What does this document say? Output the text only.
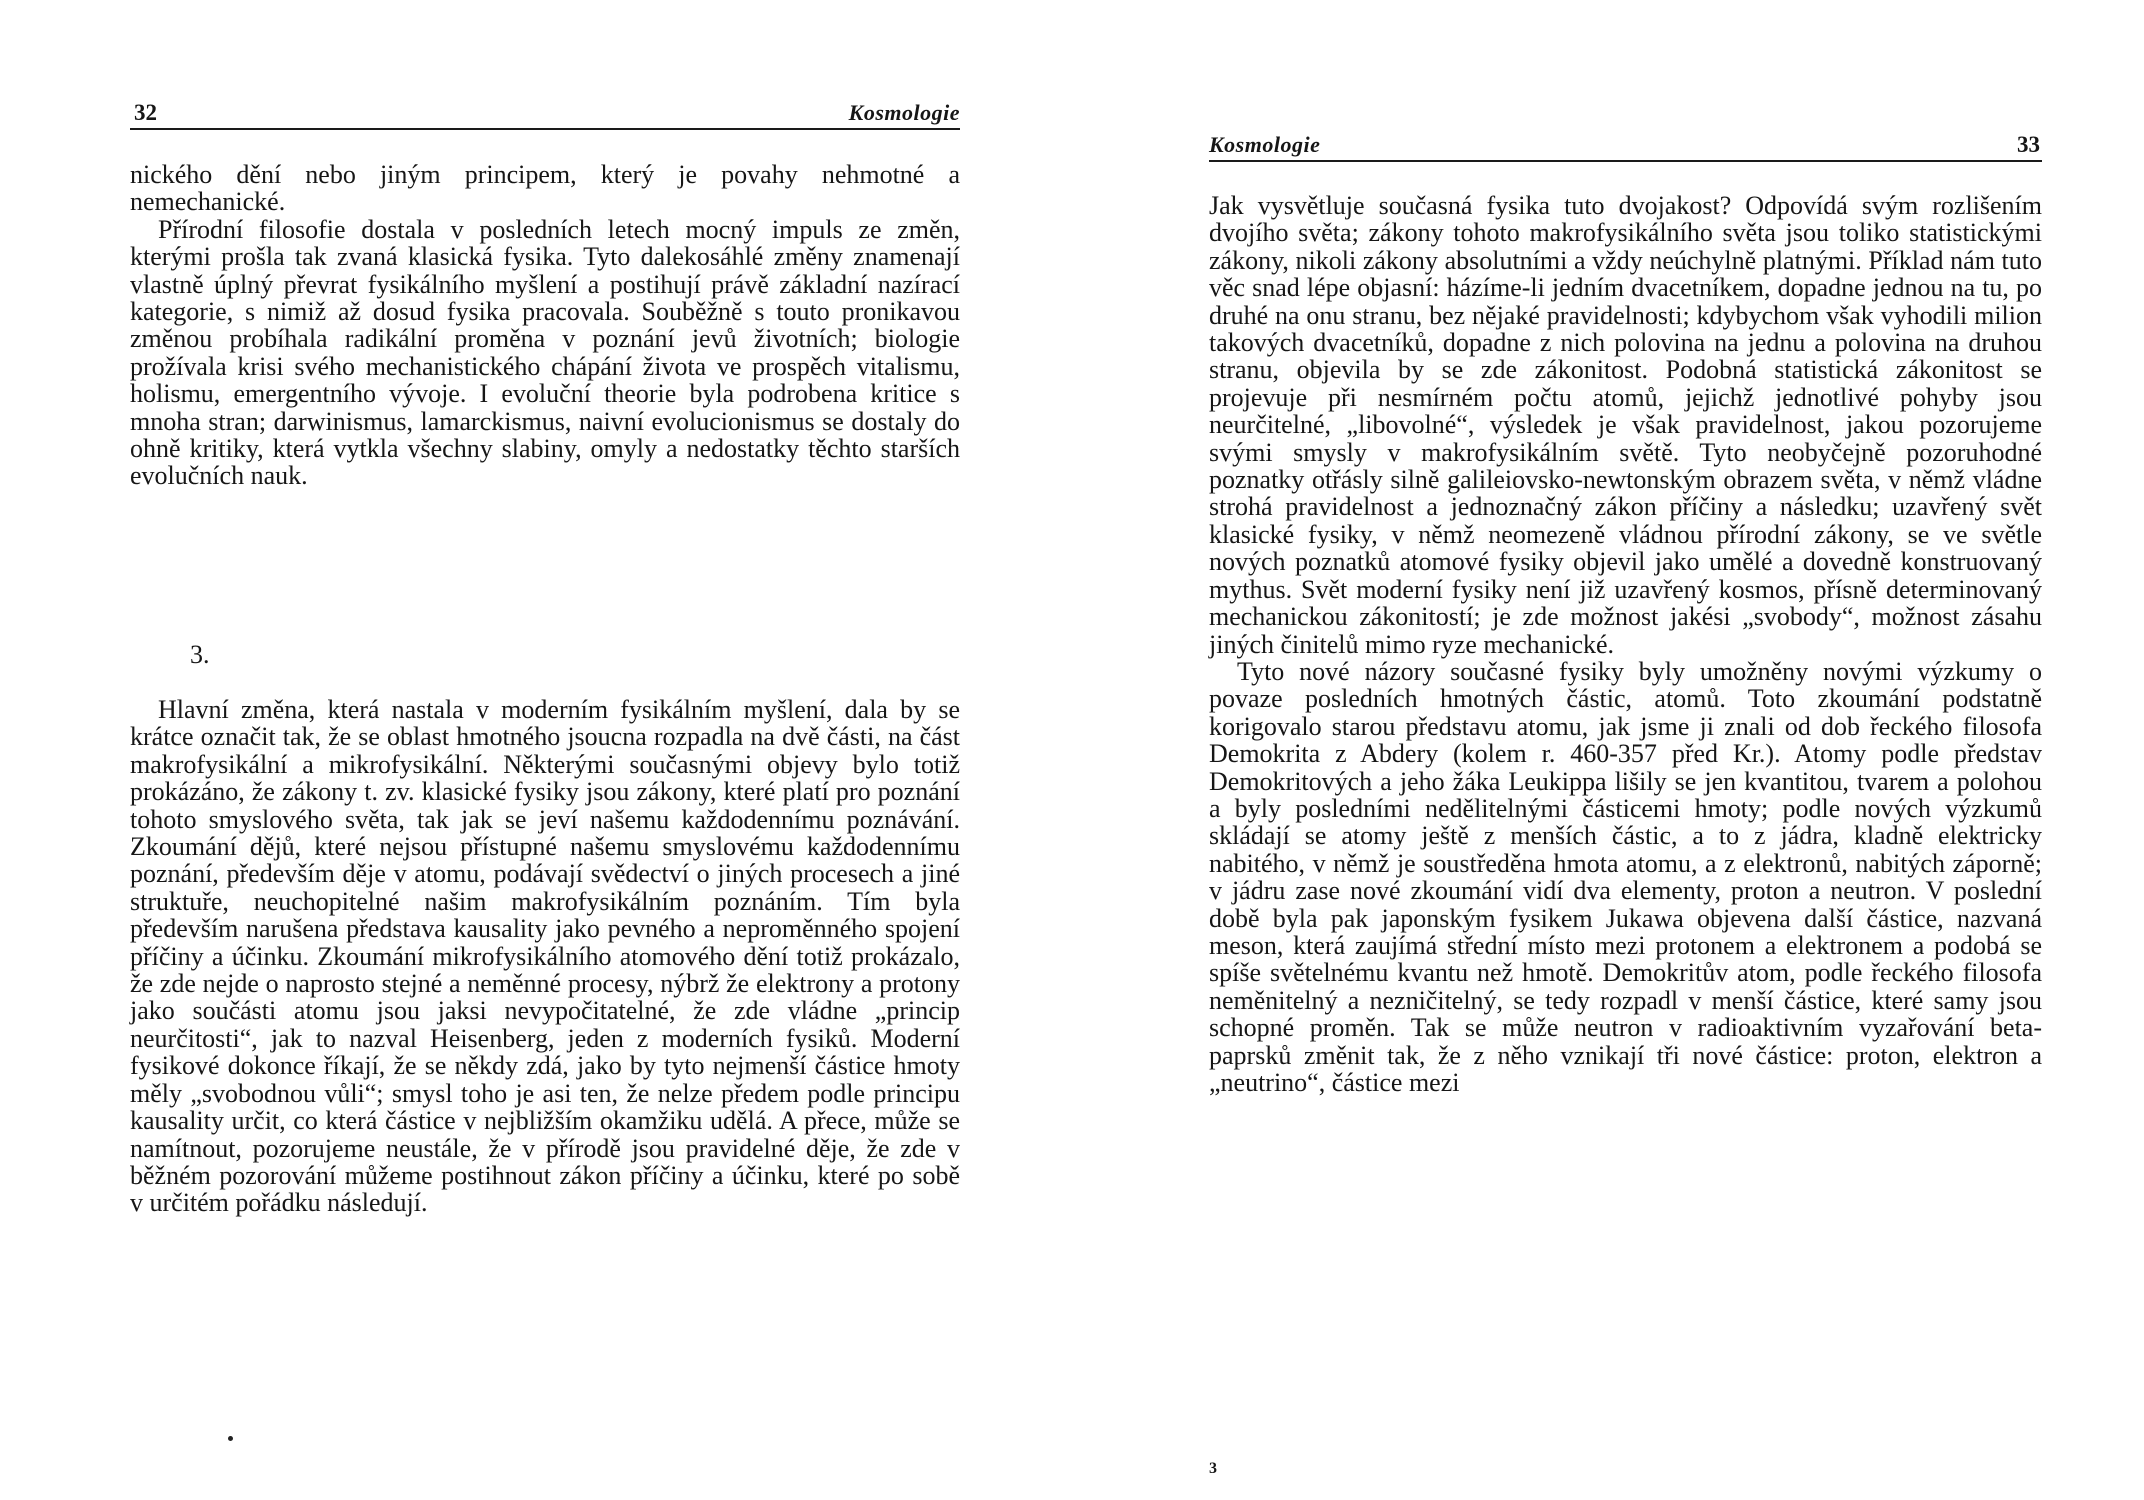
32	Kosmologie

nického dění nebo jiným principem, který je povahy nehmotné a nemechanické.

Přírodní filosofie dostala v posledních letech mocný impuls ze změn, kterými prošla tak zvaná klasická fysika. Tyto dalekosáhlé změny znamenají vlastně úplný převrat fysikálního myšlení a postihují právě základní nazírací kategorie, s nimiž až dosud fysika pracovala. Souběžně s touto pronikavou změnou probíhala radikální proměna v poznání jevů životních; biologie prožívala krisi svého mechanistického chápání života ve prospěch vitalismu, holismu, emergentního vývoje. I evoluční theorie byla podrobena kritice s mnoha stran; darwinismus, lamarckismus, naivní evolucionismus se dostaly do ohně kritiky, která vytkla všechny slabiny, omyly a nedostatky těchto starších evolučních nauk.

3.

Hlavní změna, která nastala v moderním fysikálním myšlení, dala by se krátce označit tak, že se oblast hmotného jsoucna rozpadla na dvě části, na část makrofysikální a mikrofysikální. Některými současnými objevy bylo totiž prokázáno, že zákony t. zv. klasické fysiky jsou zákony, které platí pro poznání tohoto smyslového světa, tak jak se jeví našemu každodennímu poznávání. Zkoumání dějů, které nejsou přístupné našemu smyslovému každodennímu poznání, především děje v atomu, podávají svědectví o jiných procesech a jiné struktuře, neuchopitelné našim makrofysikálním poznáním. Tím byla především narušena představa kausality jako pevného a neproměnného spojení příčiny a účinku. Zkoumání mikrofysikálního atomového dění totiž prokázalo, že zde nejde o naprosto stejné a neměnné procesy, nýbrž že elektrony a protony jako součásti atomu jsou jaksi nevypočitatelné, že zde vládne „princip neurčitosti“, jak to nazval Heisenberg, jeden z moderních fysiků. Moderní fysikové dokonce říkají, že se někdy zdá, jako by tyto nejmenší částice hmoty měly „svobodnou vůli“; smysl toho je asi ten, že nelze předem podle principu kausality určit, co která částice v nejbližším okamžiku udělá. A přece, může se namítnout, pozorujeme neustále, že v přírodě jsou pravidelné děje, že zde v běžném pozorování můžeme postihnout zákon příčiny a účinku, které po sobě v určitém pořádku následují.

Kosmologie	33

Jak vysvětluje současná fysika tuto dvojakost? Odpovídá svým rozlišením dvojího světa; zákony tohoto makrofysikálního světa jsou toliko statistickými zákony, nikoli zákony absolutními a vždy neúchylně platnými. Příklad nám tuto věc snad lépe objasní: házíme-li jedním dvacetníkem, dopadne jednou na tu, po druhé na onu stranu, bez nějaké pravidelnosti; kdybychom však vyhodili milion takových dvacetníků, dopadne z nich polovina na jednu a polovina na druhou stranu, objevila by se zde zákonitost. Podobná statistická zákonitost se projevuje při nesmírném počtu atomů, jejichž jednotlivé pohyby jsou neurčitelné, „libovolné“, výsledek je však pravidelnost, jakou pozorujeme svými smysly v makrofysikálním světě. Tyto neobyčejně pozoruhodné poznatky otřásly silně galileiovsko-newtonským obrazem světa, v němž vládne strohá pravidelnost a jednoznačný zákon příčiny a následku; uzavřený svět klasické fysiky, v němž neomezeně vládnou přírodní zákony, se ve světle nových poznatků atomové fysiky objevil jako umělé a dovedně konstruovaný mythus. Svět moderní fysiky není již uzavřený kosmos, přísně determinovaný mechanickou zákonitostí; je zde možnost jakési „svobody“, možnost zásahu jiných činitelů mimo ryze mechanické.

Tyto nové názory současné fysiky byly umožněny novými výzkumy o povaze posledních hmotných částic, atomů. Toto zkoumání podstatně korigovalo starou představu atomu, jak jsme ji znali od dob řeckého filosofa Demokrita z Abdery (kolem r. 460-357 před Kr.). Atomy podle představ Demokritových a jeho žáka Leukippa lišily se jen kvantitou, tvarem a polohou a byly posledními nedělitelnými částicemi hmoty; podle nových výzkumů skládají se atomy ještě z menších částic, a to z jádra, kladně elektricky nabitého, v němž je soustředěna hmota atomu, a z elektronů, nabitých záporně; v jádru zase nové zkoumání vidí dva elementy, proton a neutron. V poslední době byla pak japonským fysikem Jukawa objevena další částice, nazvaná meson, která zaujímá střední místo mezi protonem a elektronem a podobá se spíše světelnému kvantu než hmotě. Demokritův atom, podle řeckého filosofa neměnitelný a nezničitelný, se tedy rozpadl v menší částice, které samy jsou schopné proměn. Tak se může neutron v radioaktivním vyzařování beta-paprsků změnit tak, že z něho vznikají tři nové částice: proton, elektron a „neutrino“, částice mezi

3
